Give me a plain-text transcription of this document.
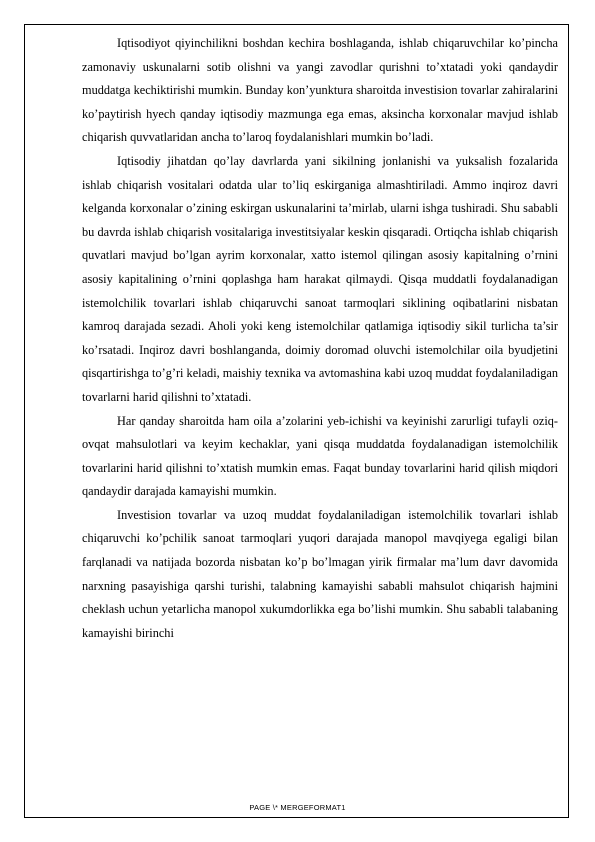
Iqtisodiyot qiyinchilikni boshdan kechira boshlaganda, ishlab chiqaruvchilar ko’pincha zamonaviy uskunalarni sotib olishni va yangi zavodlar qurishni to’xtatadi yoki qandaydir muddatga kechiktirishi mumkin. Bunday kon’yunktura sharoitda investision tovarlar zahiralarini ko’paytirish hyech qanday iqtisodiy mazmunga ega emas, aksincha korxonalar mavjud ishlab chiqarish quvvatlaridan ancha to’laroq foydalanishlari mumkin bo’ladi.

Iqtisodiy jihatdan qo’lay davrlarda yani sikilning jonlanishi va yuksalish fozalarida ishlab chiqarish vositalari odatda ular to’liq eskirganiga almashtiriladi. Ammo inqiroz davri kelganda korxonalar o’zining eskirgan uskunalarini ta’mirlab, ularni ishga tushiradi. Shu sababli bu davrda ishlab chiqarish vositalariga investitsiyalar keskin qisqaradi. Ortiqcha ishlab chiqarish quvatlari mavjud bo’lgan ayrim korxonalar, xatto istemol qilingan asosiy kapitalning o’rnini asosiy kapitalining o’rnini qoplashga ham harakat qilmaydi. Qisqa muddatli foydalanadigan istemolchilik tovarlari ishlab chiqaruvchi sanoat tarmoqlari siklining oqibatlarini nisbatan kamroq darajada sezadi. Aholi yoki keng istemolchilar qatlamiga iqtisodiy sikil turlicha ta’sir ko’rsatadi. Inqiroz davri boshlanganda, doimiy doromad oluvchi istemolchilar oila byudjetini qisqartirishga to’g’ri keladi, maishiy texnika va avtomashina kabi uzoq muddat foydalaniladigan tovarlarni harid qilishni to’xtatadi.

Har qanday sharoitda ham oila a’zolarini yeb-ichishi va keyinishi zarurligi tufayli oziq-ovqat mahsulotlari va keyim kechaklar, yani qisqa muddatda foydalanadigan istemolchilik tovarlarini harid qilishni to’xtatish mumkin emas. Faqat bunday tovarlarini harid qilish miqdori qandaydir darajada kamayishi mumkin.

Investision tovarlar va uzoq muddat foydalaniladigan istemolchilik tovarlari ishlab chiqaruvchi ko’pchilik sanoat tarmoqlari yuqori darajada manopol mavqiyega egaligi bilan farqlanadi va natijada bozorda nisbatan ko’p bo’lmagan yirik firmalar ma’lum davr davomida narxning pasayishiga qarshi turishi, talabning kamayishi sababli mahsulot chiqarish hajmini cheklash uchun yetarlicha manopol xukumdorlikka ega bo’lishi mumkin. Shu sababli talabaning kamayishi birinchi

PAGE \* MERGEFORMAT1
